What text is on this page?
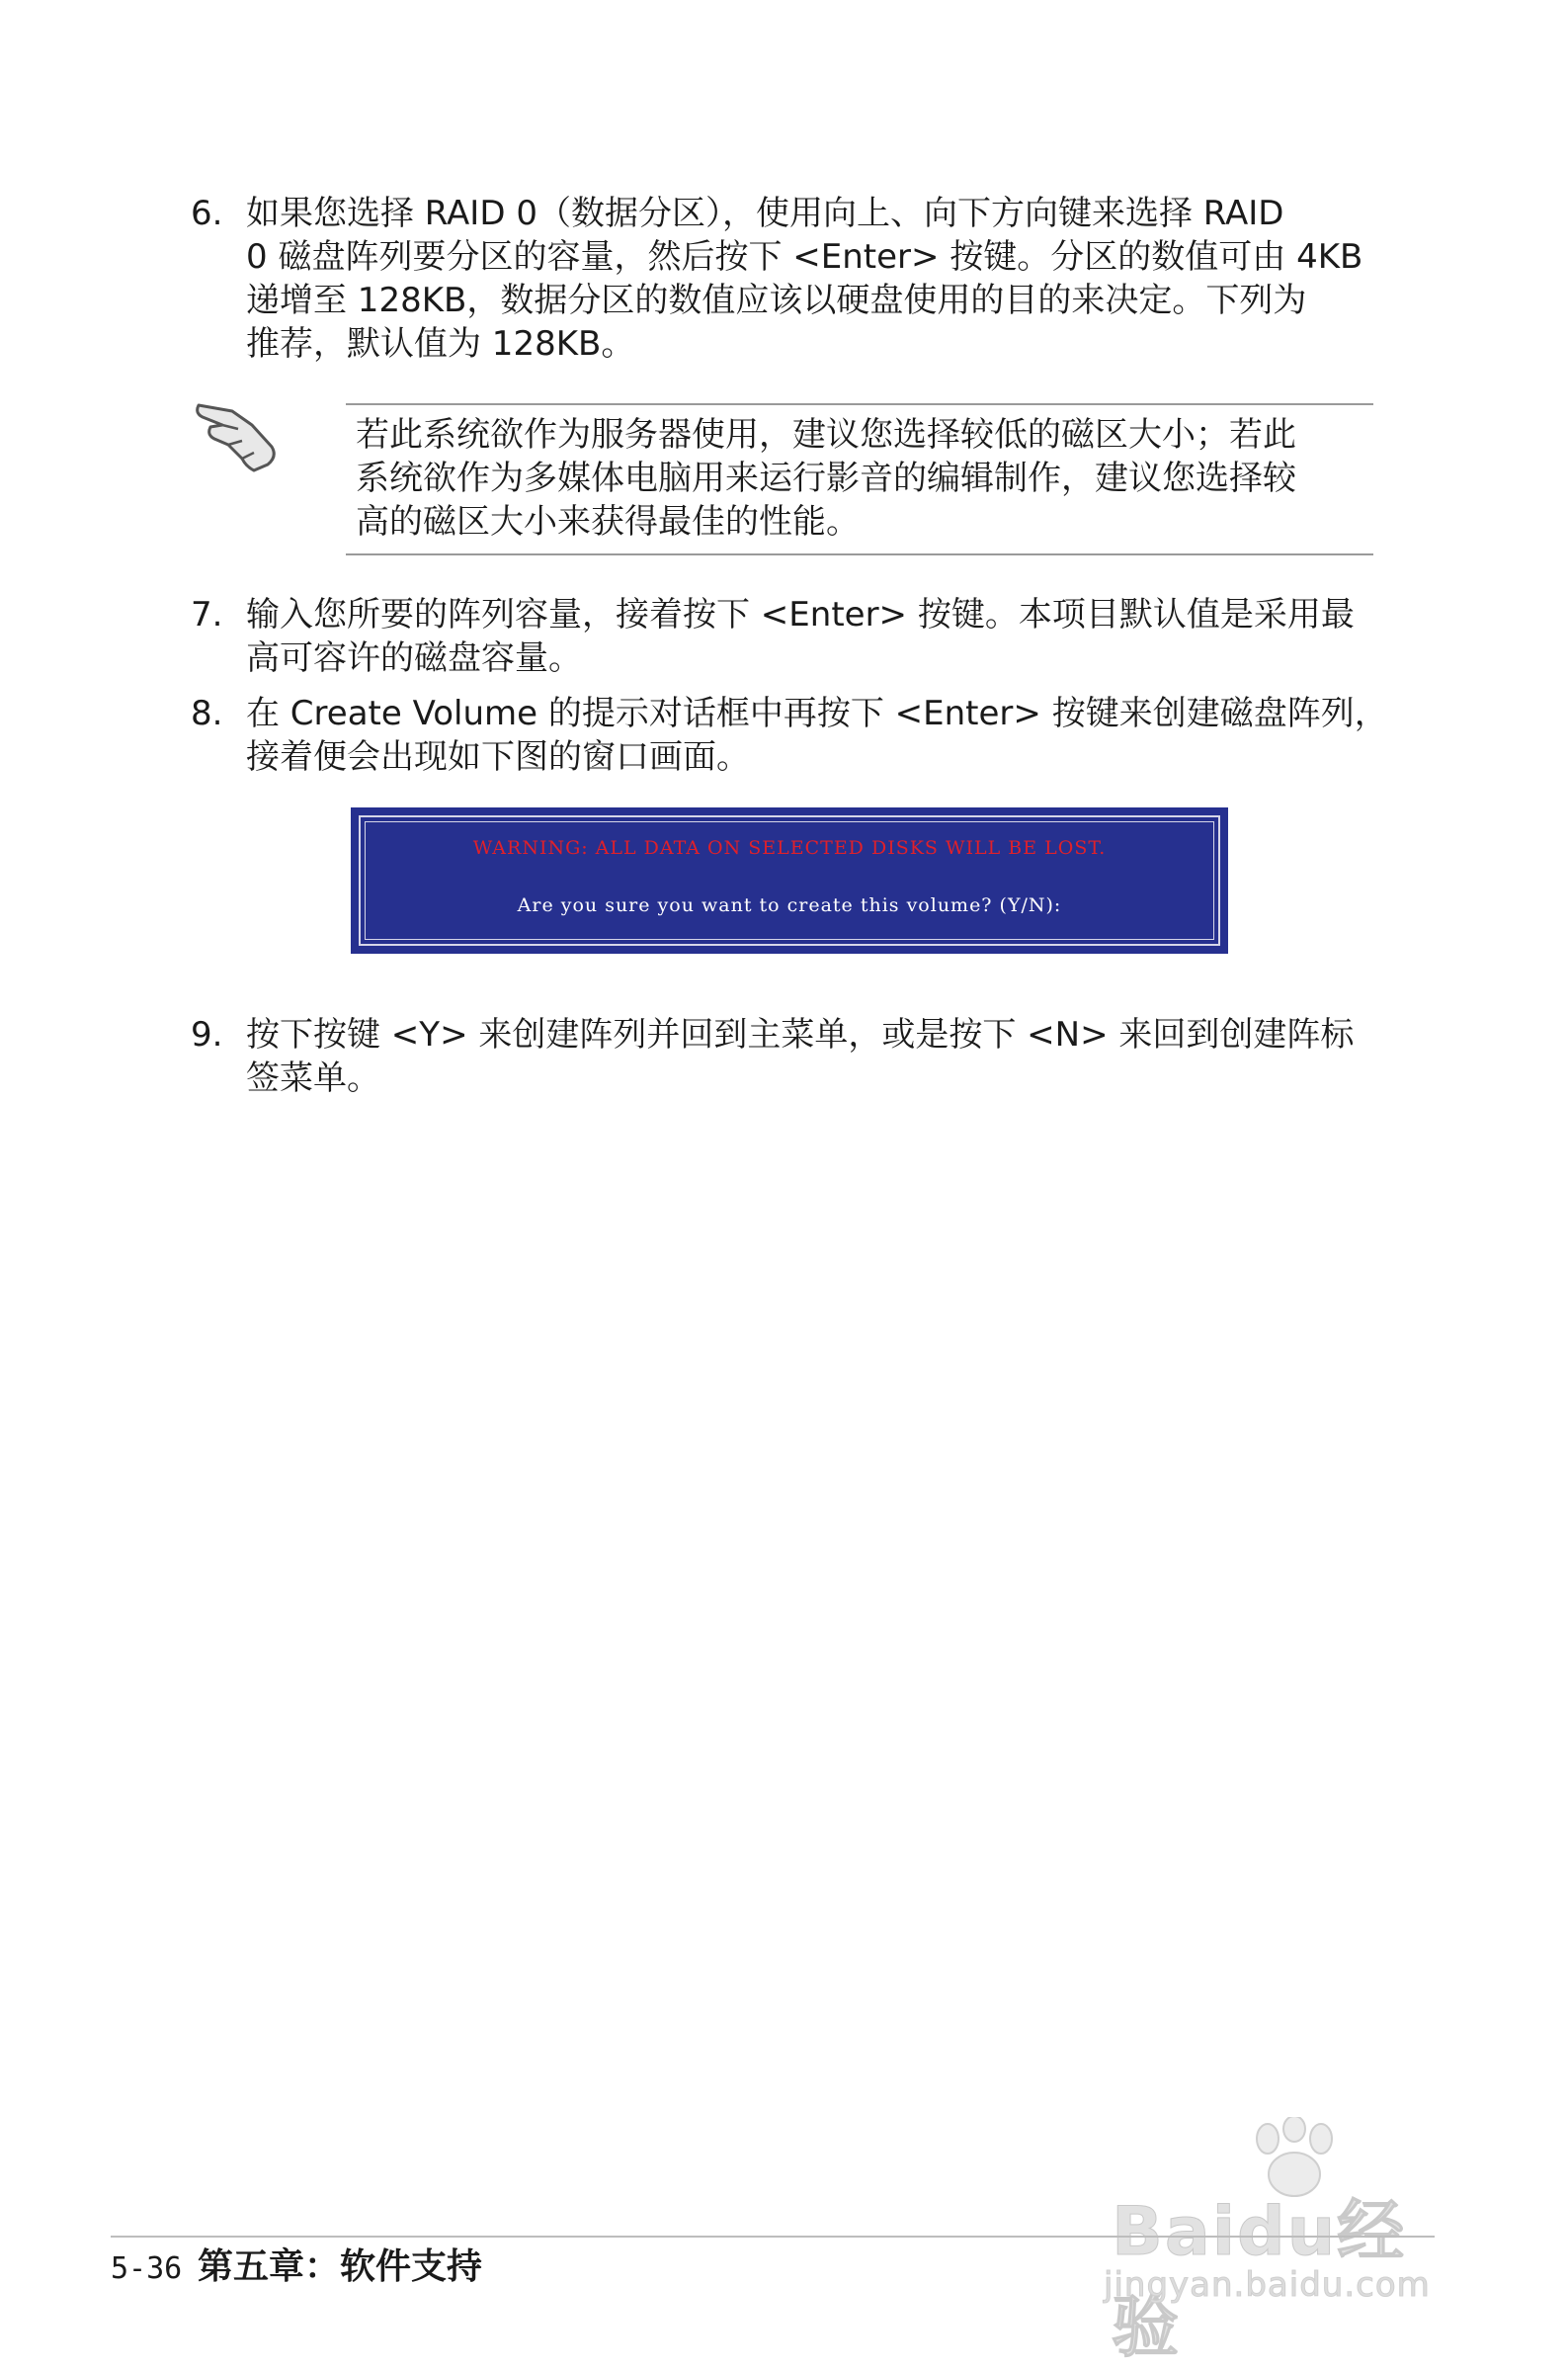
6. 如果您选择 RAID 0（数据分区），使用向上、向下方向键来选择 RAID

0 磁盘阵列要分区的容量，然后按下 <Enter> 按键。分区的数值可由 4KB

递增至 128KB，数据分区的数值应该以硬盘使用的目的来决定。下列为

推荐，默认值为 128KB。

若此系统欲作为服务器使用，建议您选择较低的磁区大小；若此

系统欲作为多媒体电脑用来运行影音的编辑制作，建议您选择较

高的磁区大小来获得最佳的性能。

7. 输入您所要的阵列容量，接着按下 <Enter> 按键。本项目默认值是采用最

高可容许的磁盘容量。

8. 在 Create Volume 的提示对话框中再按下 <Enter> 按键来创建磁盘阵列，

接着便会出现如下图的窗口画面。

WARNING: ALL DATA ON SELECTED DISKS WILL BE LOST.
Are you sure you want to create this volume? (Y/N):
9. 按下按键 <Y> 来创建阵列并回到主菜单，或是按下 <N> 来回到创建阵标

签菜单。

Baidu经验
jingyan.baidu.com
5-36 第五章：软件支持
